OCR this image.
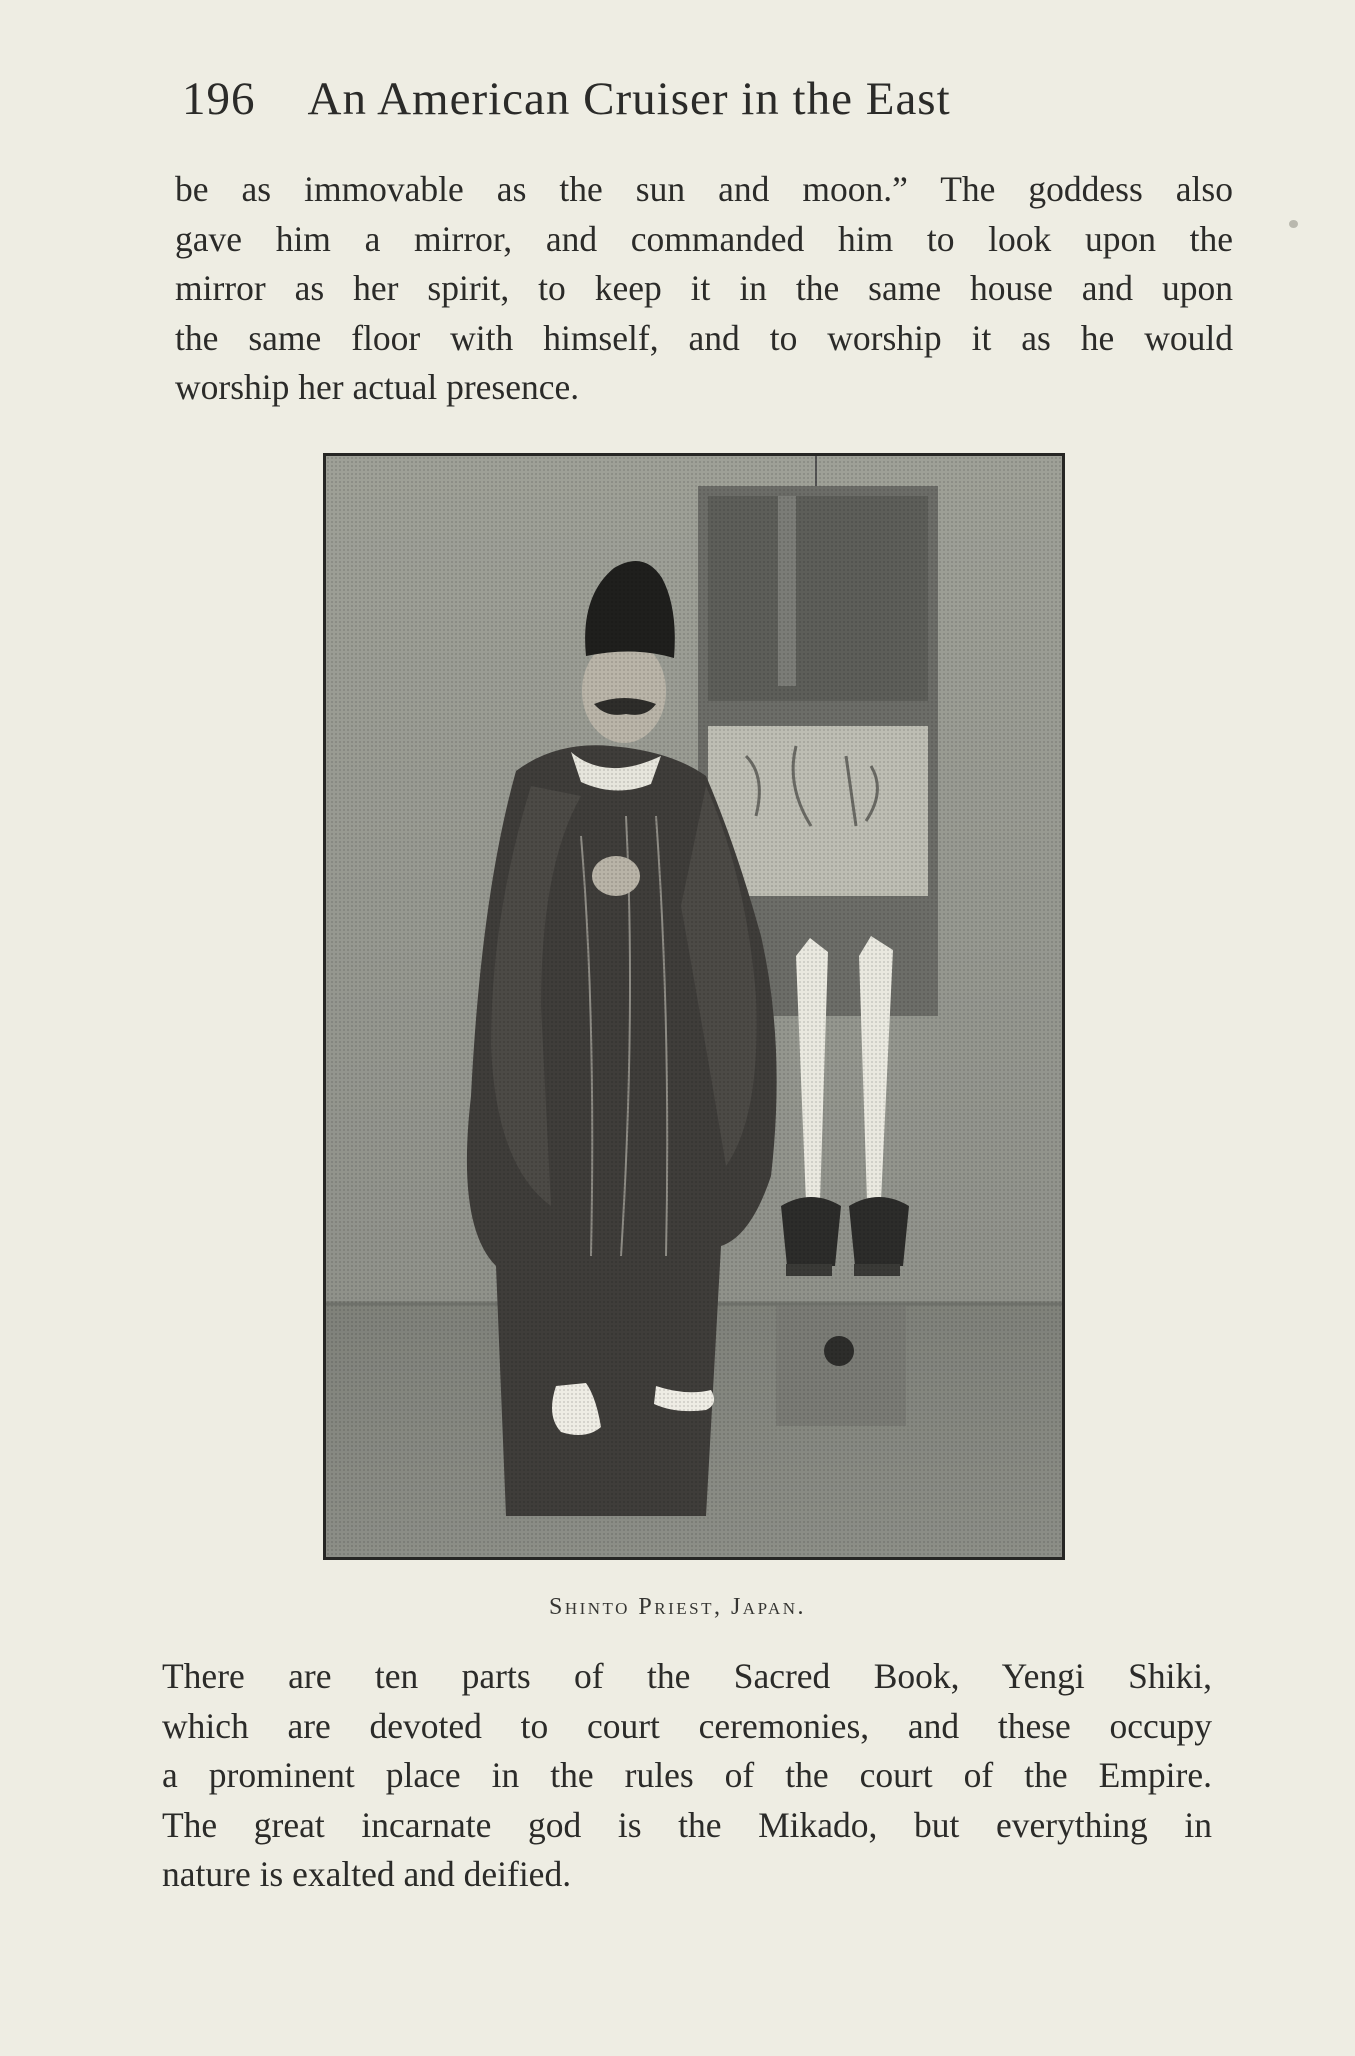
196 An American Cruiser in the East
be as immovable as the sun and moon.” The goddess also
gave him a mirror, and commanded him to look upon the
mirror as her spirit, to keep it in the same house and upon
the same floor with himself, and to worship it as he would
worship her actual presence.
Shinto Priest, Japan.
There are ten parts of the Sacred Book, Yengi Shiki,
which are devoted to court ceremonies, and these occupy
a prominent place in the rules of the court of the Empire.
The great incarnate god is the Mikado, but everything in
nature is exalted and deified.
